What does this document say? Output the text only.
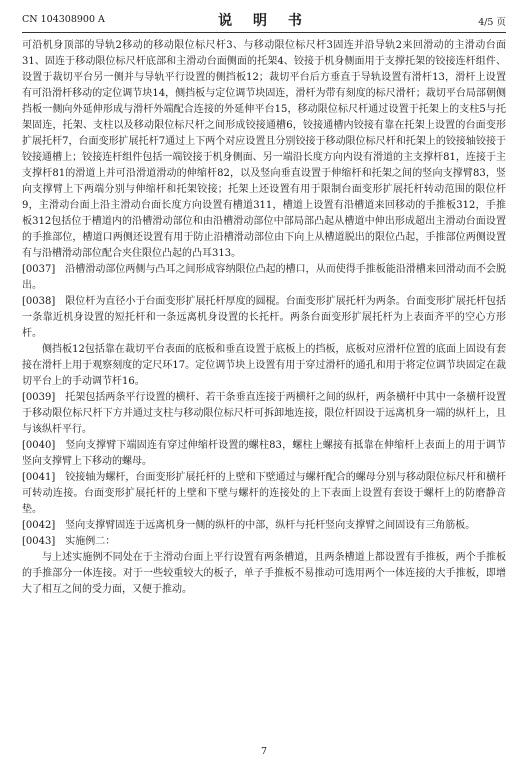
CN 104308900 A	说 明 书	4/5 页

可沿机身顶部的导轨2移动的移动限位标尺杆3、与移动限位标尺杆3固连并沿导轨2来回滑动的主滑动台面31、固连于移动限位标尺杆底部和主滑动台面侧面的托架4、铰接于机身侧面用于支撑托架的铰接连杆组件、设置于裁切平台另一侧并与导轨平行设置的侧挡板12；裁切平台后方垂直于导轨设置有滑杆13，滑杆上设置有可沿滑杆移动的定位调节块14，侧挡板与定位调节块固连，滑杆为带有刻度的标尺滑杆；裁切平台局部朝侧挡板一侧向外延伸形成与滑杆外端配合连接的外延伸平台15，移动限位标尺杆通过设置于托架上的支柱5与托架固连，托架、支柱以及移动限位标尺杆之间形成铰接通槽6，铰接通槽内铰接有靠在托架上设置的台面变形扩展托杆7，台面变形扩展托杆7通过上下两个对应设置且分别铰接于移动限位标尺杆和托架上的铰接轴铰接于铰接通槽上；铰接连杆组件包括一端铰接于机身侧面、另一端沿长度方向内设有滑道的主支撑杆81，连接于主支撑杆81的滑道上并可沿滑道滑动的伸缩杆82，以及竖向垂直设置于伸缩杆和托架之间的竖向支撑臂83，竖向支撑臂上下两端分别与伸缩杆和托架铰接；托架上还设置有用于限制台面变形扩展托杆转动范围的限位杆9，主滑动台面上沿主滑动台面长度方向设置有槽道311，槽道上设置有沿槽道来回移动的手推板312，手推板312包括位于槽道内的沿槽滑动部位和由沿槽滑动部位中部局部凸起从槽道中伸出形成超出主滑动台面设置的手推部位，槽道口两侧还设置有用于防止沿槽滑动部位由下向上从槽道脱出的限位凸起，手推部位两侧设置有与沿槽滑动部位配合夹住限位凸起的凸耳313。

[0037] 沿槽滑动部位两侧与凸耳之间形成容纳限位凸起的槽口，从而使得手推板能沿滑槽来回滑动而不会脱出。

[0038] 限位杆为直径小于台面变形扩展托杆厚度的圆棍。台面变形扩展托杆为两条。台面变形扩展托杆包括一条靠近机身设置的短托杆和一条远离机身设置的长托杆。两条台面变形扩展托杆为上表面齐平的空心方形杆。

侧挡板12包括靠在裁切平台表面的底板和垂直设置于底板上的挡板，底板对应滑杆位置的底面上固设有套接在滑杆上用于观察刻度的定尺环17。定位调节块上设置有用于穿过滑杆的通孔和用于将定位调节块固定在裁切平台上的手动调节杆16。

[0039] 托架包括两条平行设置的横杆、若干条垂直连接于两横杆之间的纵杆，两条横杆中其中一条横杆设置于移动限位标尺杆下方并通过支柱与移动限位标尺杆可拆卸地连接，限位杆固设于远离机身一端的纵杆上，且与该纵杆平行。

[0040] 竖向支撑臂下端固连有穿过伸缩杆设置的螺柱83，螺柱上螺接有抵靠在伸缩杆上表面上的用于调节竖向支撑臂上下移动的螺母。

[0041] 铰接轴为螺杆，台面变形扩展托杆的上壁和下壁通过与螺杆配合的螺母分别与移动限位标尺杆和横杆可转动连接。台面变形扩展托杆的上壁和下壁与螺杆的连接处的上下表面上设置有套设于螺杆上的防磨静音垫。

[0042] 竖向支撑臂固连于远离机身一侧的纵杆的中部，纵杆与托杆竖向支撑臂之间固设有三角筋板。

[0043] 实施例二：

与上述实施例不同处在于主滑动台面上平行设置有两条槽道，且两条槽道上都设置有手推板，两个手推板的手推部分一体连接。对于一些较重较大的板子，单子手推板不易推动可选用两个一体连接的大手推板，即增大了相互之间的受力面，又便于推动。

7
